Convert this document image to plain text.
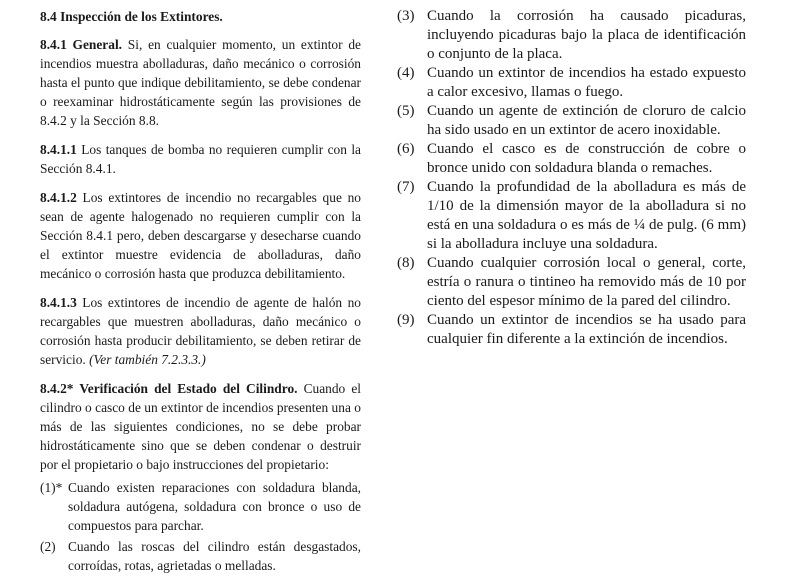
8.4 Inspección de los Extintores.

8.4.1 General. Si, en cualquier momento, un extintor de incendios muestra abolladuras, daño mecánico o corrosión hasta el punto que indique debilitamiento, se debe condenar o reexaminar hidrostáticamente según las provisiones de 8.4.2 y la Sección 8.8.

8.4.1.1 Los tanques de bomba no requieren cumplir con la Sección 8.4.1.

8.4.1.2 Los extintores de incendio no recargables que no sean de agente halogenado no requieren cumplir con la Sección 8.4.1 pero, deben descargarse y desecharse cuando el extintor muestre evidencia de abolladuras, daño mecánico o corrosión hasta que produzca debilitamiento.

8.4.1.3 Los extintores de incendio de agente de halón no recargables que muestren abolladuras, daño mecánico o corrosión hasta producir debilitamiento, se deben retirar de servicio. (Ver también 7.2.3.3.)

8.4.2* Verificación del Estado del Cilindro. Cuando el cilindro o casco de un extintor de incendios presenten una o más de las siguientes condiciones, no se debe probar hidrostáticamente sino que se deben condenar o destruir por el propietario o bajo instrucciones del propietario:

(1)* Cuando existen reparaciones con soldadura blanda, soldadura autógena, soldadura con bronce o uso de compuestos para parchar.
(2) Cuando las roscas del cilindro están desgastados, corroídas, rotas, agrietadas o melladas.
(3) Cuando la corrosión ha causado picaduras, incluyendo picaduras bajo la placa de identificación o conjunto de la placa.
(4) Cuando un extintor de incendios ha estado expuesto a calor excesivo, llamas o fuego.
(5) Cuando un agente de extinción de cloruro de calcio ha sido usado en un extintor de acero inoxidable.
(6) Cuando el casco es de construcción de cobre o bronce unido con soldadura blanda o remaches.
(7) Cuando la profundidad de la abolladura es más de 1/10 de la dimensión mayor de la abolladura si no está en una soldadura o es más de ¼ de pulg. (6 mm) si la abolladura incluye una soldadura.
(8) Cuando cualquier corrosión local o general, corte, estría o ranura o tintineo ha removido más de 10 por ciento del espesor mínimo de la pared del cilindro.
(9) Cuando un extintor de incendios se ha usado para cualquier fin diferente a la extinción de incendios.
